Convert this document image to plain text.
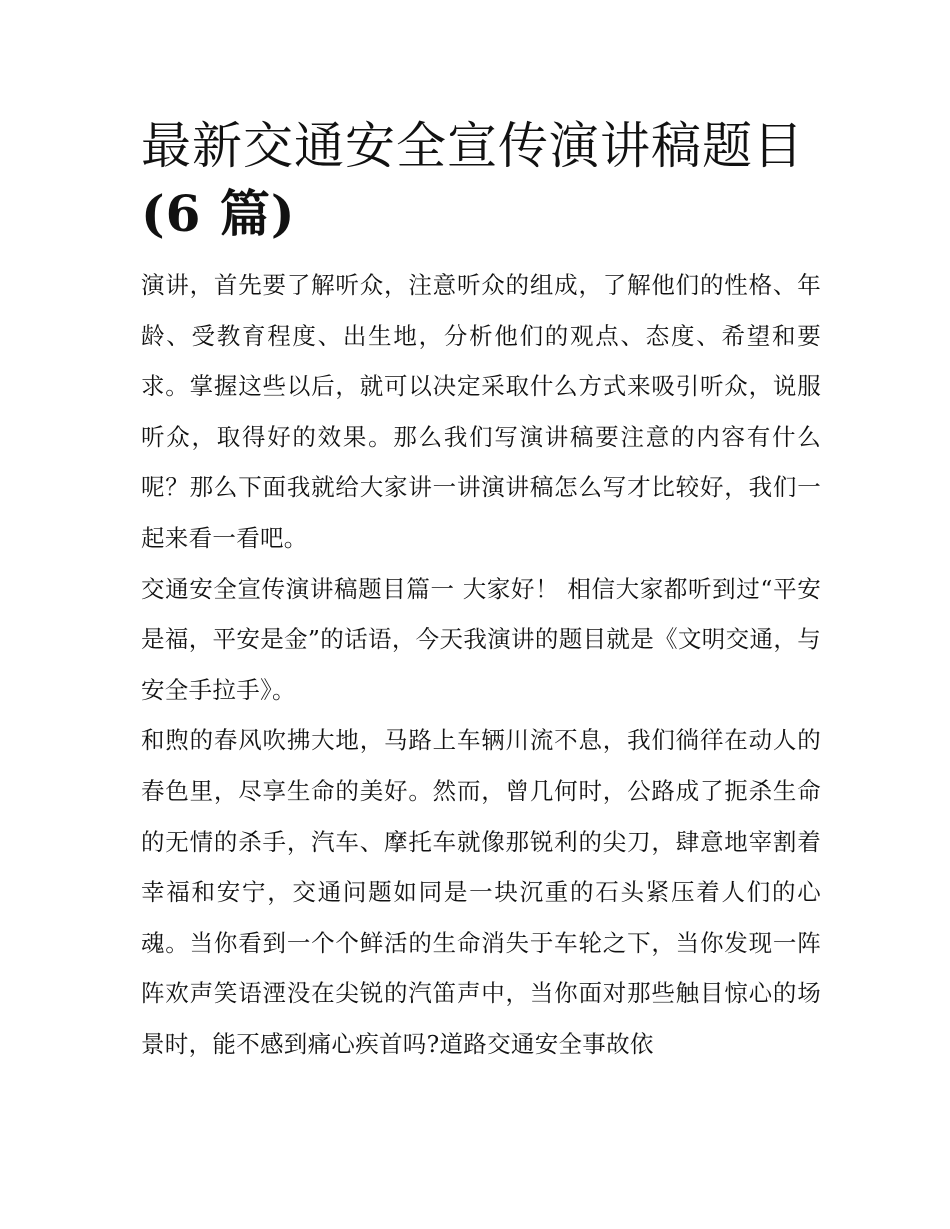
最新交通安全宣传演讲稿题目
(6 篇)

演讲，首先要了解听众，注意听众的组成，了解他们的性格、年龄、受教育程度、出生地，分析他们的观点、态度、希望和要求。掌握这些以后，就可以决定采取什么方式来吸引听众，说服听众，取得好的效果。那么我们写演讲稿要注意的内容有什么呢？那么下面我就给大家讲一讲演讲稿怎么写才比较好，我们一起来看一看吧。

交通安全宣传演讲稿题目篇一 大家好！ 相信大家都听到过“平安是福，平安是金”的话语，今天我演讲的题目就是《文明交通，与安全手拉手》。

和煦的春风吹拂大地，马路上车辆川流不息，我们徜徉在动人的春色里，尽享生命的美好。然而，曾几何时，公路成了扼杀生命的无情的杀手，汽车、摩托车就像那锐利的尖刀，肆意地宰割着幸福和安宁，交通问题如同是一块沉重的石头紧压着人们的心魂。当你看到一个个鲜活的生命消失于车轮之下，当你发现一阵阵欢声笑语湮没在尖锐的汽笛声中，当你面对那些触目惊心的场景时，能不感到痛心疾首吗?道路交通安全事故依
